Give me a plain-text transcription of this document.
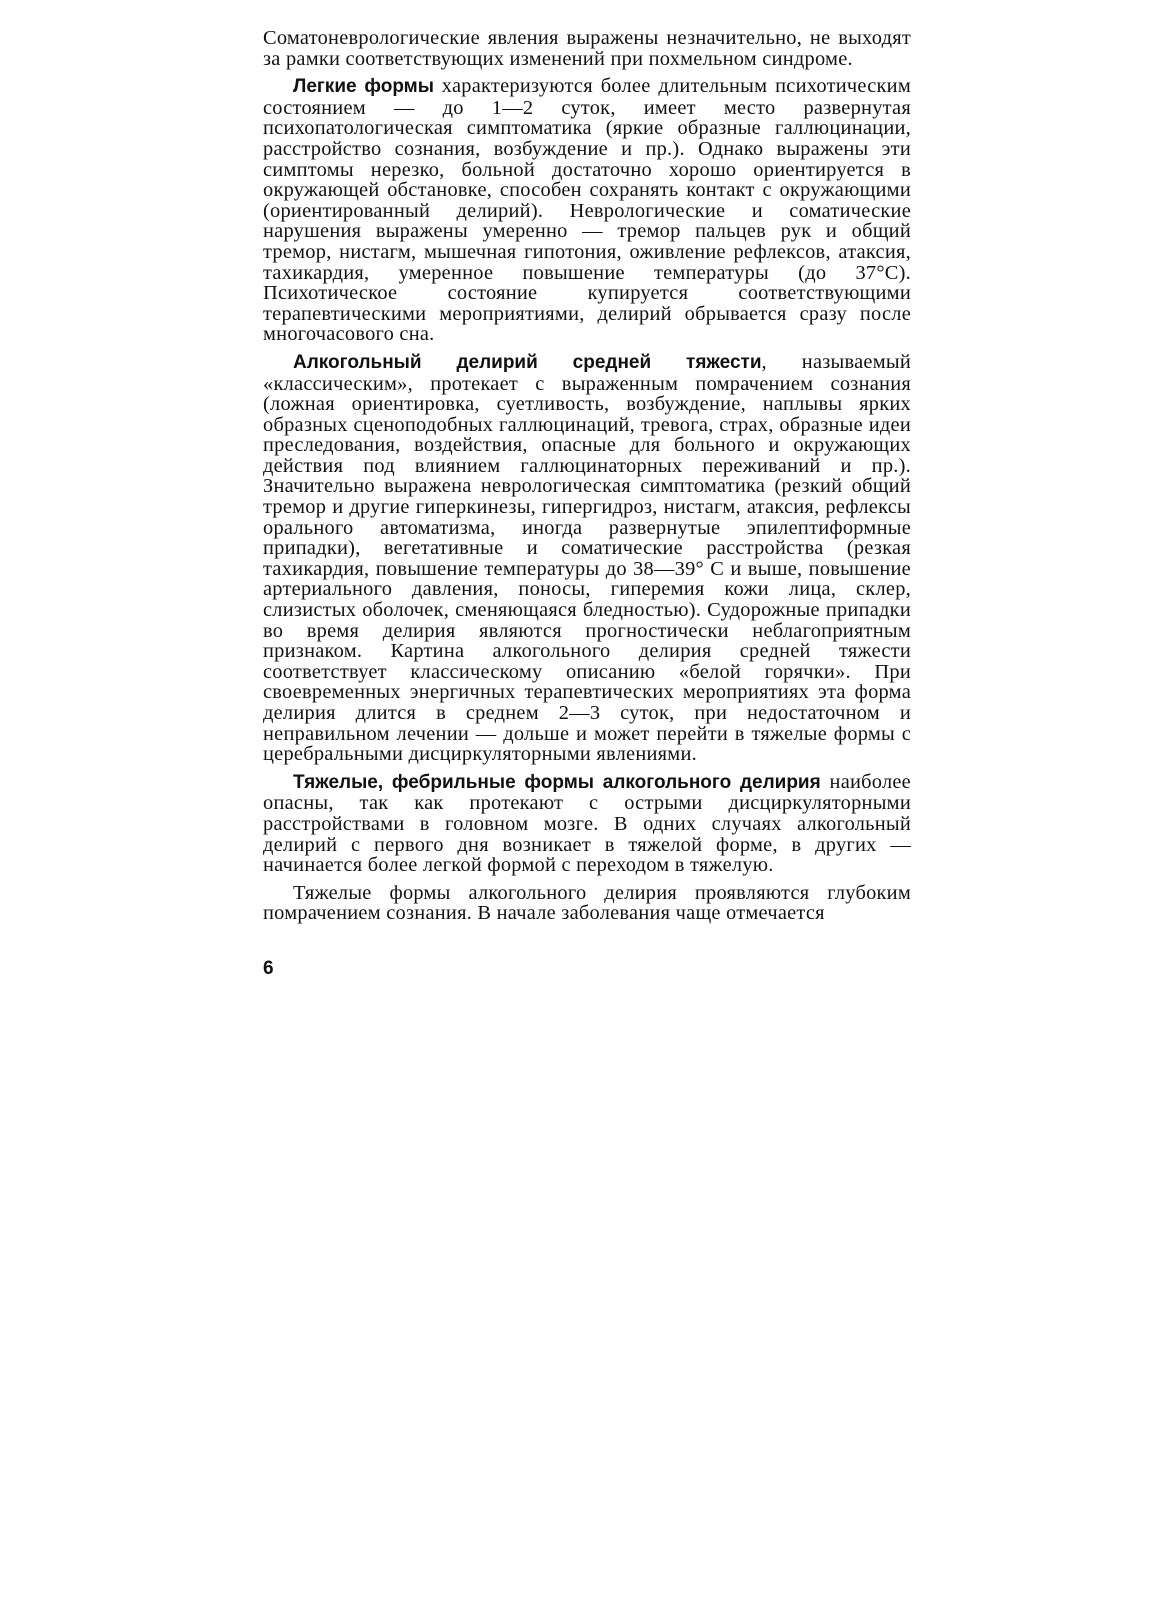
Соматоневрологические явления выражены незначительно, не выходят за рамки соответствующих изменений при похмельном синдроме.

Легкие формы характеризуются более длительным психотическим состоянием — до 1—2 суток, имеет место развернутая психопатологическая симптоматика (яркие образные галлюцинации, расстройство сознания, возбуждение и пр.). Однако выражены эти симптомы нерезко, больной достаточно хорошо ориентируется в окружающей обстановке, способен сохранять контакт с окружающими (ориентированный делирий). Неврологические и соматические нарушения выражены умеренно — тремор пальцев рук и общий тремор, нистагм, мышечная гипотония, оживление рефлексов, атаксия, тахикардия, умеренное повышение температуры (до 37°C). Психотическое состояние купируется соответствующими терапевтическими мероприятиями, делирий обрывается сразу после многочасового сна.

Алкогольный делирий средней тяжести, называемый «классическим», протекает с выраженным помрачением сознания (ложная ориентировка, суетливость, возбуждение, наплывы ярких образных сценоподобных галлюцинаций, тревога, страх, образные идеи преследования, воздействия, опасные для больного и окружающих действия под влиянием галлюцинаторных переживаний и пр.). Значительно выражена неврологическая симптоматика (резкий общий тремор и другие гиперкинезы, гипергидроз, нистагм, атаксия, рефлексы орального автоматизма, иногда развернутые эпилептиформные припадки), вегетативные и соматические расстройства (резкая тахикардия, повышение температуры до 38—39° C и выше, повышение артериального давления, поносы, гиперемия кожи лица, склер, слизистых оболочек, сменяющаяся бледностью). Судорожные припадки во время делирия являются прогностически неблагоприятным признаком. Картина алкогольного делирия средней тяжести соответствует классическому описанию «белой горячки». При своевременных энергичных терапевтических мероприятиях эта форма делирия длится в среднем 2—3 суток, при недостаточном и неправильном лечении — дольше и может перейти в тяжелые формы с церебральными дисциркуляторными явлениями.

Тяжелые, фебрильные формы алкогольного делирия наиболее опасны, так как протекают с острыми дисциркуляторными расстройствами в головном мозге. В одних случаях алкогольный делирий с первого дня возникает в тяжелой форме, в других — начинается более легкой формой с переходом в тяжелую.

Тяжелые формы алкогольного делирия проявляются глубоким помрачением сознания. В начале заболевания чаще отмечается

6
